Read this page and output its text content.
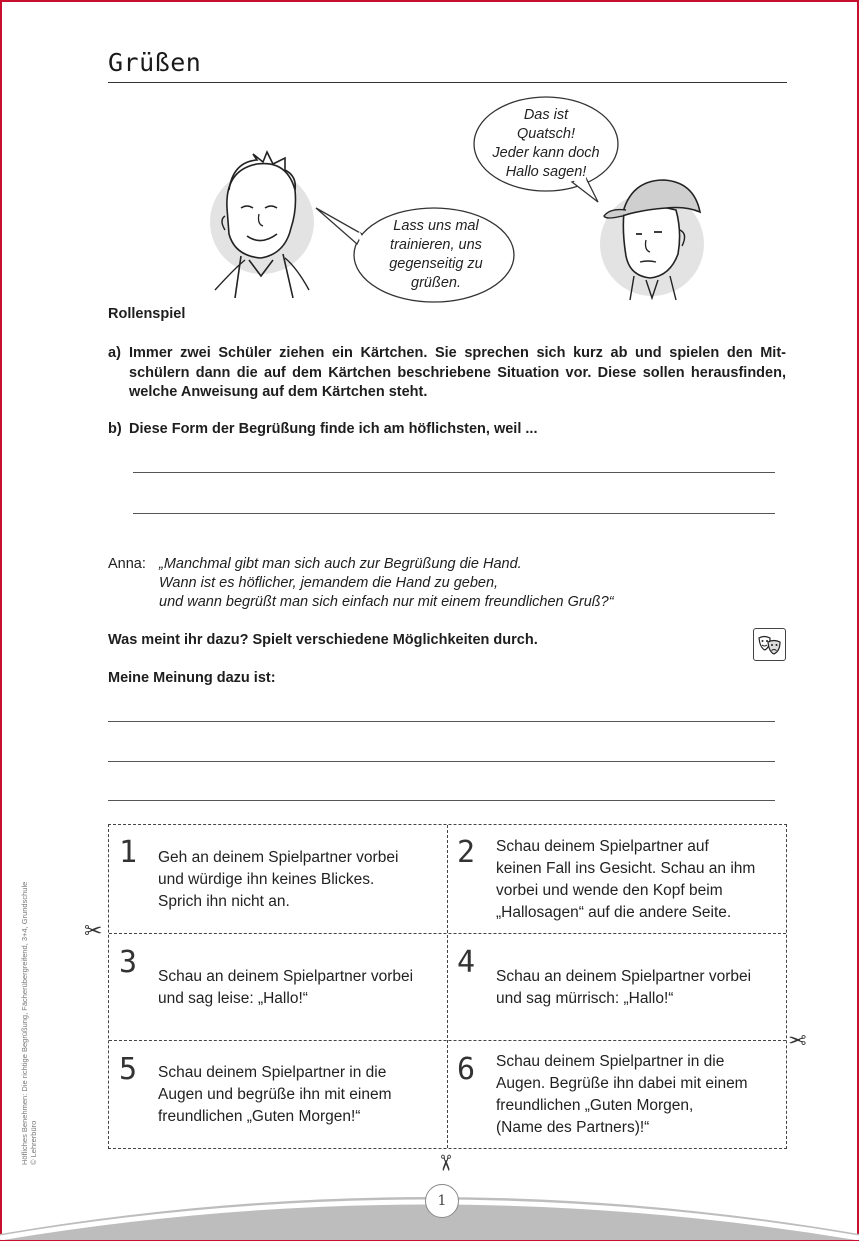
Grüßen
Lass uns mal
trainieren, uns
gegenseitig zu
grüßen.
Das ist
Quatsch!
Jeder kann doch
Hallo sagen!
Rollenspiel
a) Immer zwei Schüler ziehen ein Kärtchen. Sie sprechen sich kurz ab und spielen den Mit-
schülern dann die auf dem Kärtchen beschriebene Situation vor. Diese sollen herausfinden,
welche Anweisung auf dem Kärtchen steht.
b) Diese Form der Begrüßung finde ich am höflichsten, weil ...
Anna: „Manchmal gibt man sich auch zur Begrüßung die Hand.
Wann ist es höflicher, jemandem die Hand zu geben,
und wann begrüßt man sich einfach nur mit einem freundlichen Gruß?“
Was meint ihr dazu? Spielt verschiedene Möglichkeiten durch.
Meine Meinung dazu ist:
1 Geh an deinem Spielpartner vorbei
und würdige ihn keines Blickes.
Sprich ihn nicht an.
2 Schau deinem Spielpartner auf
keinen Fall ins Gesicht. Schau an ihm
vorbei und wende den Kopf beim
„Hallosagen“ auf die andere Seite.
3 Schau an deinem Spielpartner vorbei
und sag leise: „Hallo!“
4 Schau an deinem Spielpartner vorbei
und sag mürrisch: „Hallo!“
5 Schau deinem Spielpartner in die
Augen und begrüße ihn mit einem
freundlichen „Guten Morgen!“
6 Schau deinem Spielpartner in die
Augen. Begrüße ihn dabei mit einem
freundlichen „Guten Morgen,
(Name des Partners)!“
✂
✂
✂
Höfliches Benehmen: Die richtige Begrüßung, Fächerübergreifend, 3+4, Grundschule © Lehrerbüro
1
